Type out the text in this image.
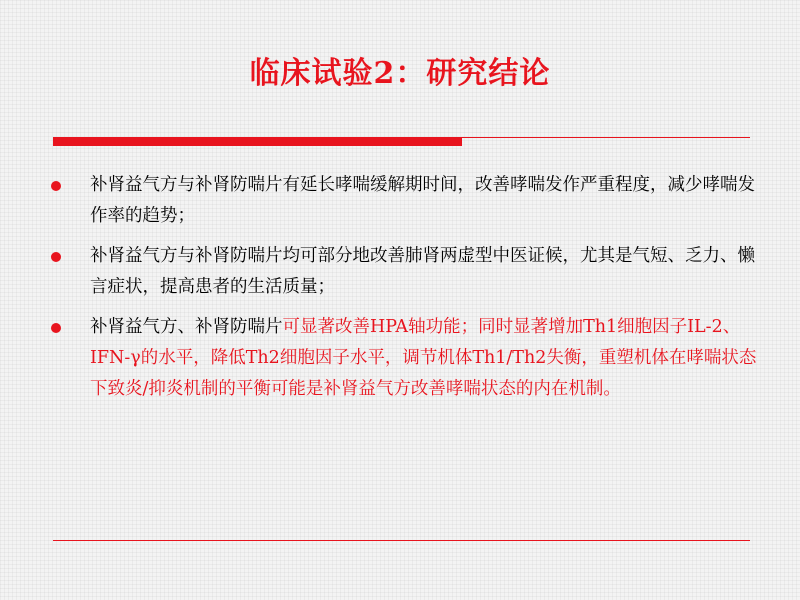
临床试验2：研究结论
补肾益气方与补肾防喘片有延长哮喘缓解期时间，改善哮喘发作严重程度，减少哮喘发作率的趋势；
补肾益气方与补肾防喘片均可部分地改善肺肾两虚型中医证候，尤其是气短、乏力、懒言症状，提高患者的生活质量；
补肾益气方、补肾防喘片可显著改善HPA轴功能；同时显著增加Th1细胞因子IL-2、IFN-γ的水平，降低Th2细胞因子水平，调节机体Th1/Th2失衡，重塑机体在哮喘状态下致炎/抑炎机制的平衡可能是补肾益气方改善哮喘状态的内在机制。
